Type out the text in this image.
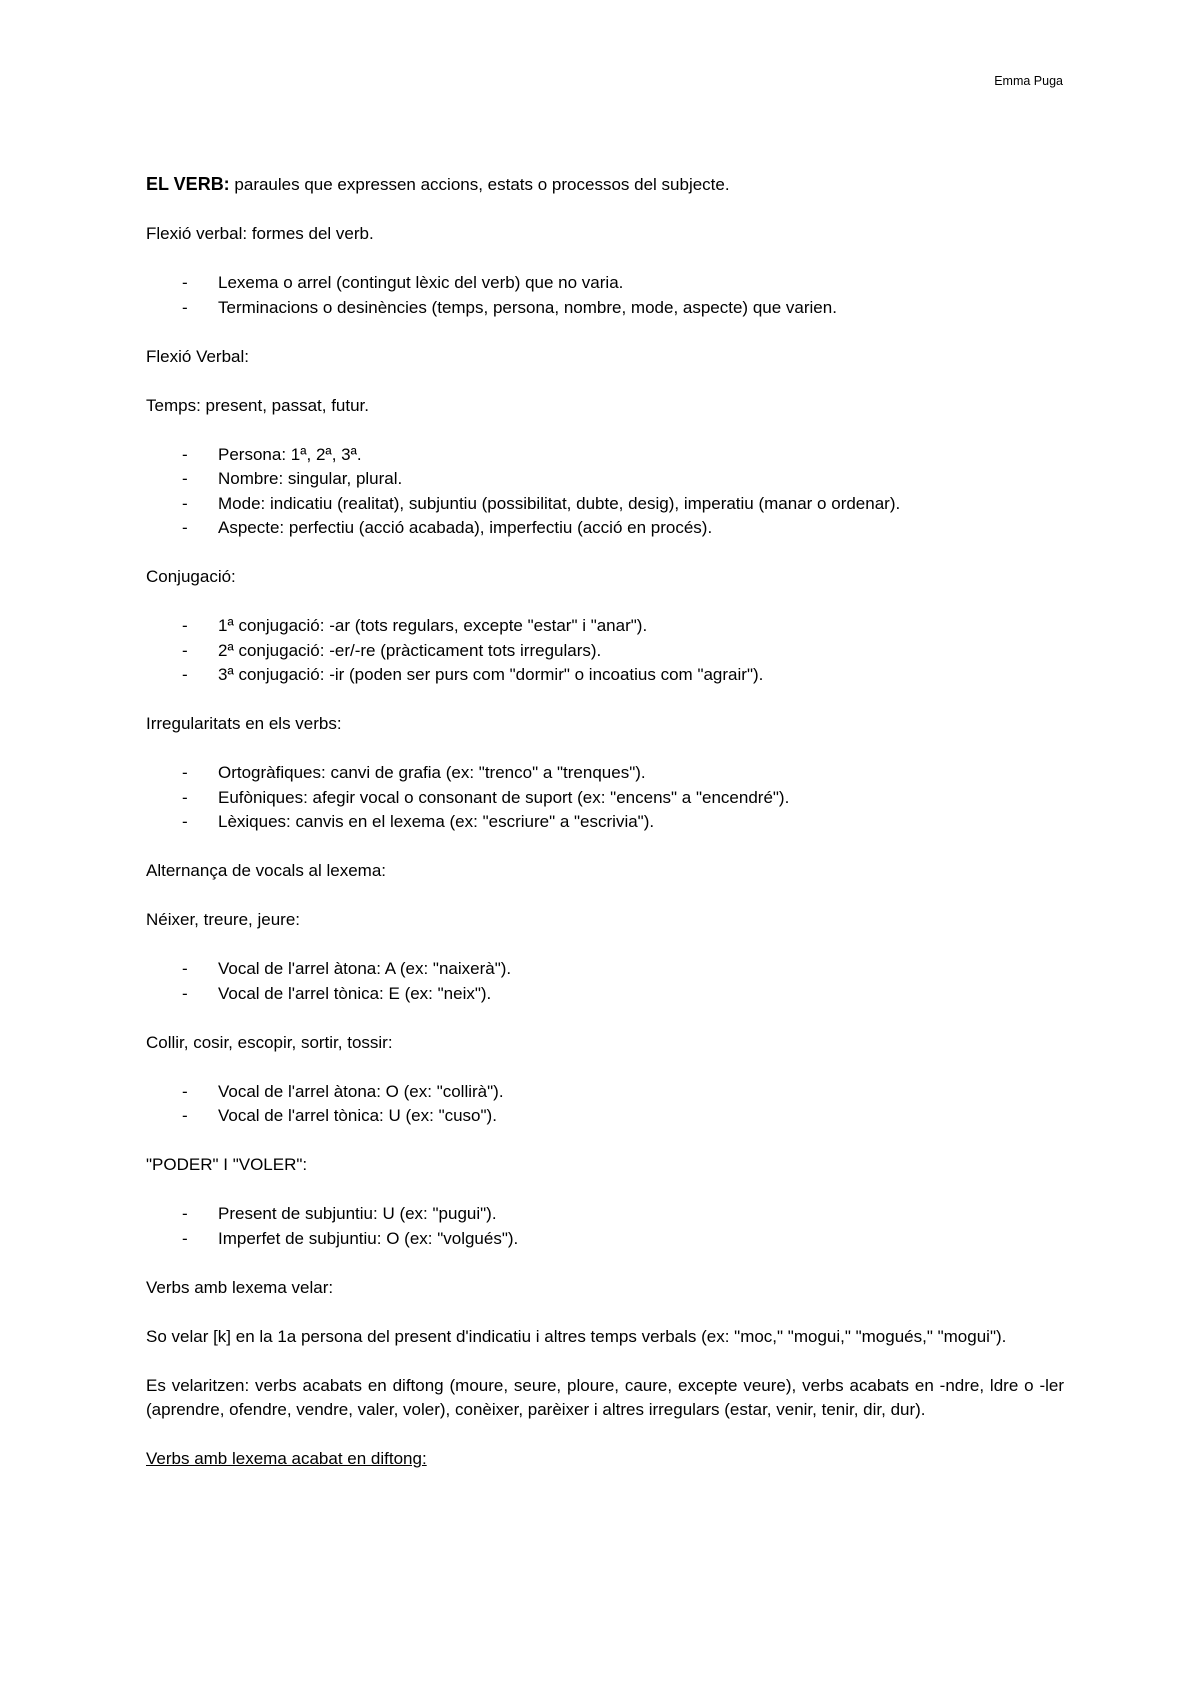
Emma Puga

EL VERB: paraules que expressen accions, estats o processos del subjecte.

Flexió verbal: formes del verb.

- Lexema o arrel (contingut lèxic del verb) que no varia.
- Terminacions o desinències (temps, persona, nombre, mode, aspecte) que varien.

Flexió Verbal:

Temps: present, passat, futur.

- Persona: 1ª, 2ª, 3ª.
- Nombre: singular, plural.
- Mode: indicatiu (realitat), subjuntiu (possibilitat, dubte, desig), imperatiu (manar o ordenar).
- Aspecte: perfectiu (acció acabada), imperfectiu (acció en procés).

Conjugació:

- 1ª conjugació: -ar (tots regulars, excepte "estar" i "anar").
- 2ª conjugació: -er/-re (pràcticament tots irregulars).
- 3ª conjugació: -ir (poden ser purs com "dormir" o incoatius com "agrair").

Irregularitats en els verbs:

- Ortogràfiques: canvi de grafia (ex: "trenco" a "trenques").
- Eufòniques: afegir vocal o consonant de suport (ex: "encens" a "encendré").
- Lèxiques: canvis en el lexema (ex: "escriure" a "escrivia").

Alternança de vocals al lexema:

Néixer, treure, jeure:

- Vocal de l'arrel àtona: A (ex: "naixerà").
- Vocal de l'arrel tònica: E (ex: "neix").

Collir, cosir, escopir, sortir, tossir:

- Vocal de l'arrel àtona: O (ex: "collirà").
- Vocal de l'arrel tònica: U (ex: "cuso").

"PODER" I "VOLER":

- Present de subjuntiu: U (ex: "pugui").
- Imperfet de subjuntiu: O (ex: "volgués").

Verbs amb lexema velar:

So velar [k] en la 1a persona del present d'indicatiu i altres temps verbals (ex: "moc," "mogui," "mogués," "mogui").

Es velaritzen: verbs acabats en diftong (moure, seure, ploure, caure, excepte veure), verbs acabats en -ndre, ldre o -ler (aprendre, ofendre, vendre, valer, voler), conèixer, parèixer i altres irregulars (estar, venir, tenir, dir, dur).

Verbs amb lexema acabat en diftong:
